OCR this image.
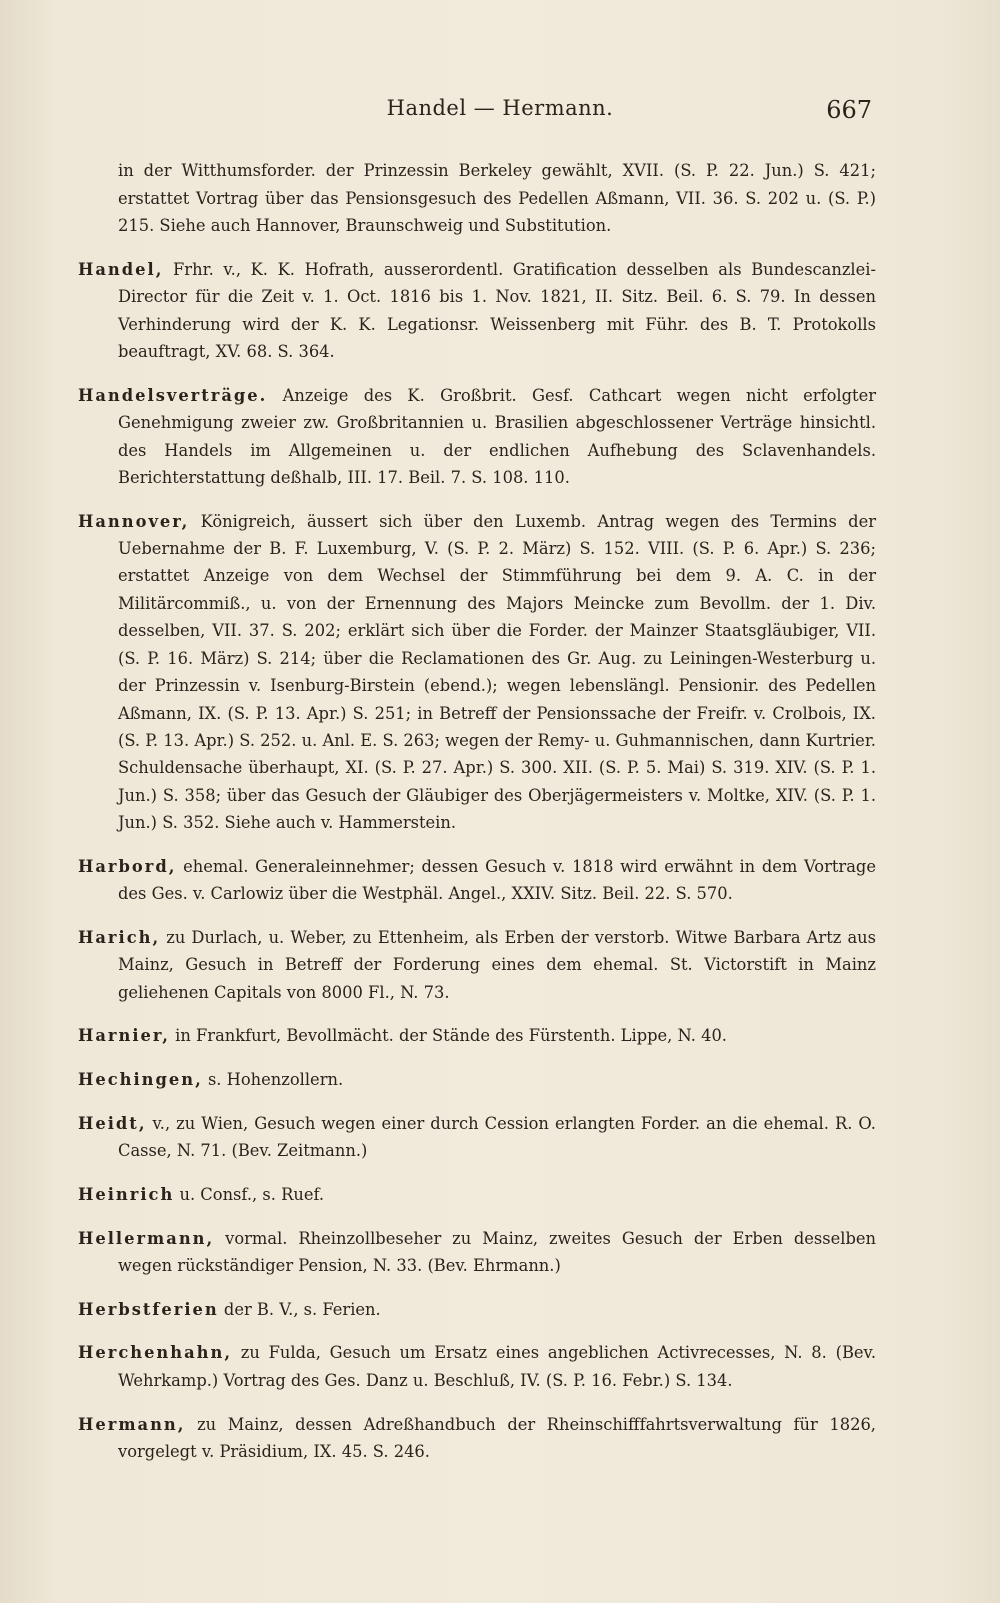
Handel — Hermann.	667

in der Witthumsforder. der Prinzessin Berkeley gewählt, XVII. (S. P. 22. Jun.) S. 421; erstattet Vortrag über das Pensionsgesuch des Pedellen Aßmann, VII. 36. S. 202 u. (S. P.) 215. Siehe auch Hannover, Braunschweig und Substitution.

Handel, Frhr. v., K. K. Hofrath, ausserordentl. Gratification desselben als Bundescanzlei-Director für die Zeit v. 1. Oct. 1816 bis 1. Nov. 1821, II. Sitz. Beil. 6. S. 79. In dessen Verhinderung wird der K. K. Legationsr. Weissenberg mit Führ. des B. T. Protokolls beauftragt, XV. 68. S. 364.

Handelsverträge. Anzeige des K. Großbrit. Gesf. Cathcart wegen nicht erfolgter Genehmigung zweier zw. Großbritannien u. Brasilien abgeschlossener Verträge hinsichtl. des Handels im Allgemeinen u. der endlichen Aufhebung des Sclavenhandels. Berichterstattung deßhalb, III. 17. Beil. 7. S. 108. 110.

Hannover, Königreich, äussert sich über den Luxemb. Antrag wegen des Termins der Uebernahme der B. F. Luxemburg, V. (S. P. 2. März) S. 152. VIII. (S. P. 6. Apr.) S. 236; erstattet Anzeige von dem Wechsel der Stimmführung bei dem 9. A. C. in der Militärcommiß., u. von der Ernennung des Majors Meincke zum Bevollm. der 1. Div. desselben, VII. 37. S. 202; erklärt sich über die Forder. der Mainzer Staatsgläubiger, VII. (S. P. 16. März) S. 214; über die Reclamationen des Gr. Aug. zu Leiningen-Westerburg u. der Prinzessin v. Isenburg-Birstein (ebend.); wegen lebenslängl. Pensionir. des Pedellen Aßmann, IX. (S. P. 13. Apr.) S. 251; in Betreff der Pensionssache der Freifr. v. Crolbois, IX. (S. P. 13. Apr.) S. 252. u. Anl. E. S. 263; wegen der Remy- u. Guhmannischen, dann Kurtrier. Schuldensache überhaupt, XI. (S. P. 27. Apr.) S. 300. XII. (S. P. 5. Mai) S. 319. XIV. (S. P. 1. Jun.) S. 358; über das Gesuch der Gläubiger des Oberjägermeisters v. Moltke, XIV. (S. P. 1. Jun.) S. 352. Siehe auch v. Hammerstein.

Harbord, ehemal. Generaleinnehmer; dessen Gesuch v. 1818 wird erwähnt in dem Vortrage des Ges. v. Carlowiz über die Westphäl. Angel., XXIV. Sitz. Beil. 22. S. 570.

Harich, zu Durlach, u. Weber, zu Ettenheim, als Erben der verstorb. Witwe Barbara Artz aus Mainz, Gesuch in Betreff der Forderung eines dem ehemal. St. Victorstift in Mainz geliehenen Capitals von 8000 Fl., N. 73.

Harnier, in Frankfurt, Bevollmächt. der Stände des Fürstenth. Lippe, N. 40.

Hechingen, s. Hohenzollern.

Heidt, v., zu Wien, Gesuch wegen einer durch Cession erlangten Forder. an die ehemal. R. O. Casse, N. 71. (Bev. Zeitmann.)

Heinrich u. Consf., s. Ruef.

Hellermann, vormal. Rheinzollbeseher zu Mainz, zweites Gesuch der Erben desselben wegen rückständiger Pension, N. 33. (Bev. Ehrmann.)

Herbstferien der B. V., s. Ferien.

Herchenhahn, zu Fulda, Gesuch um Ersatz eines angeblichen Activrecesses, N. 8. (Bev. Wehrkamp.) Vortrag des Ges. Danz u. Beschluß, IV. (S. P. 16. Febr.) S. 134.

Hermann, zu Mainz, dessen Adreßhandbuch der Rheinschifffahrtsverwaltung für 1826, vorgelegt v. Präsidium, IX. 45. S. 246.
